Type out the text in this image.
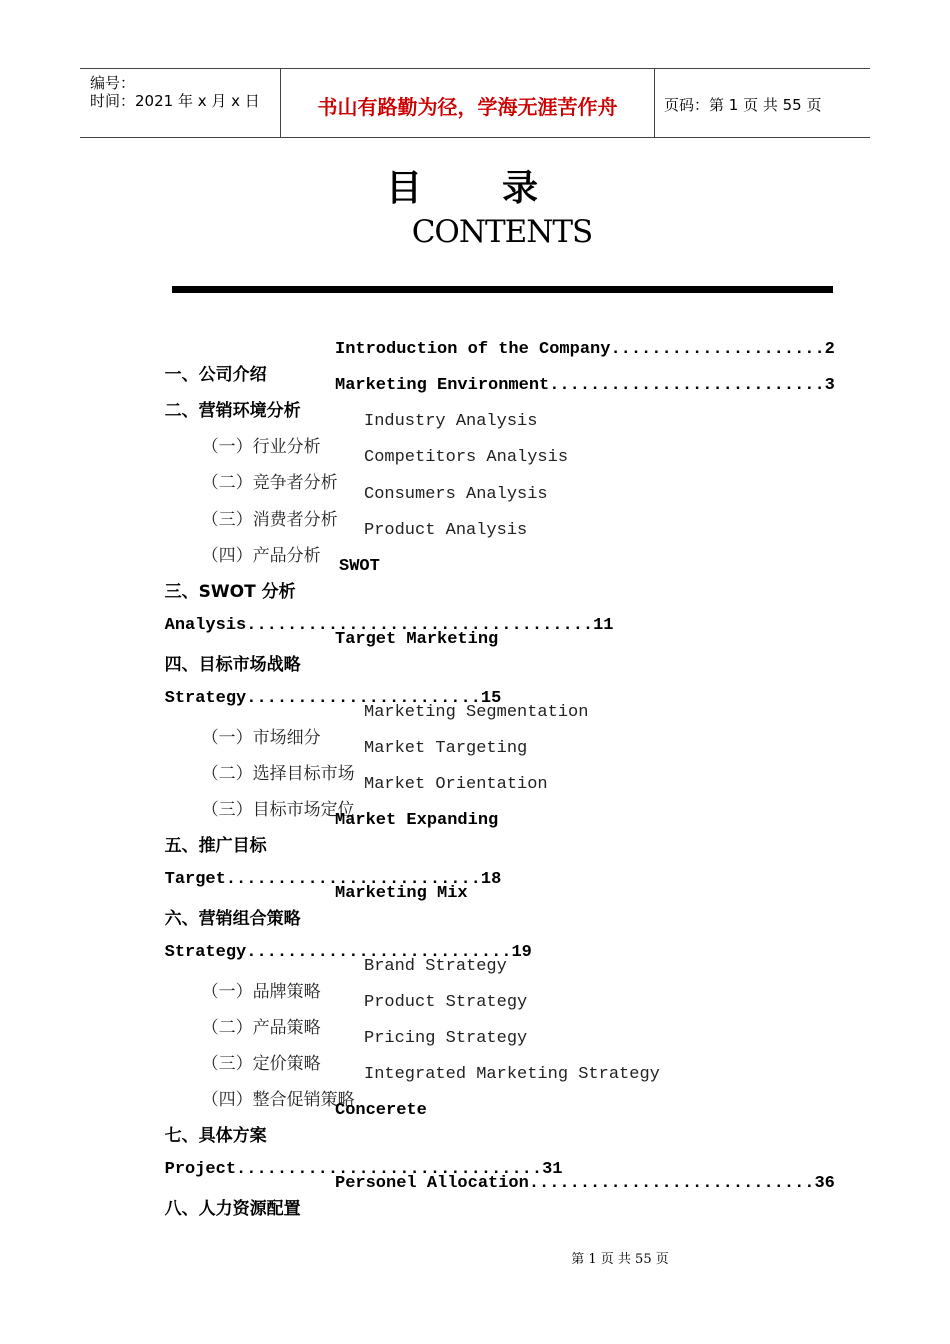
编号：
时间：2021 年 x 月 x 日	书山有路勤为径，学海无涯苦作舟	页码：第 1 页 共 55 页
目录
CONTENTS

一、公司介绍

Introduction of the Company.....................2

二、营销环境分析

Marketing Environment...........................3

（一）行业分析

Industry Analysis

（二）竞争者分析

Competitors Analysis

（三）消费者分析

Consumers Analysis

（四）产品分析

Product Analysis

三、SWOT 分析

SWOT

Analysis..................................11

四、目标市场战略

Target Marketing

Strategy.......................15

（一）市场细分

Marketing Segmentation

（二）选择目标市场

Market Targeting

（三）目标市场定位

Market Orientation

五、推广目标

Market Expanding

Target.........................18

六、营销组合策略

Marketing Mix

Strategy..........................19

（一）品牌策略

Brand Strategy

（二）产品策略

Product Strategy

（三）定价策略

Pricing Strategy

（四）整合促销策略

Integrated Marketing Strategy

七、具体方案

Concerete

Project..............................31

八、人力资源配置

Personel Allocation............................36

第 1 页 共 55 页
